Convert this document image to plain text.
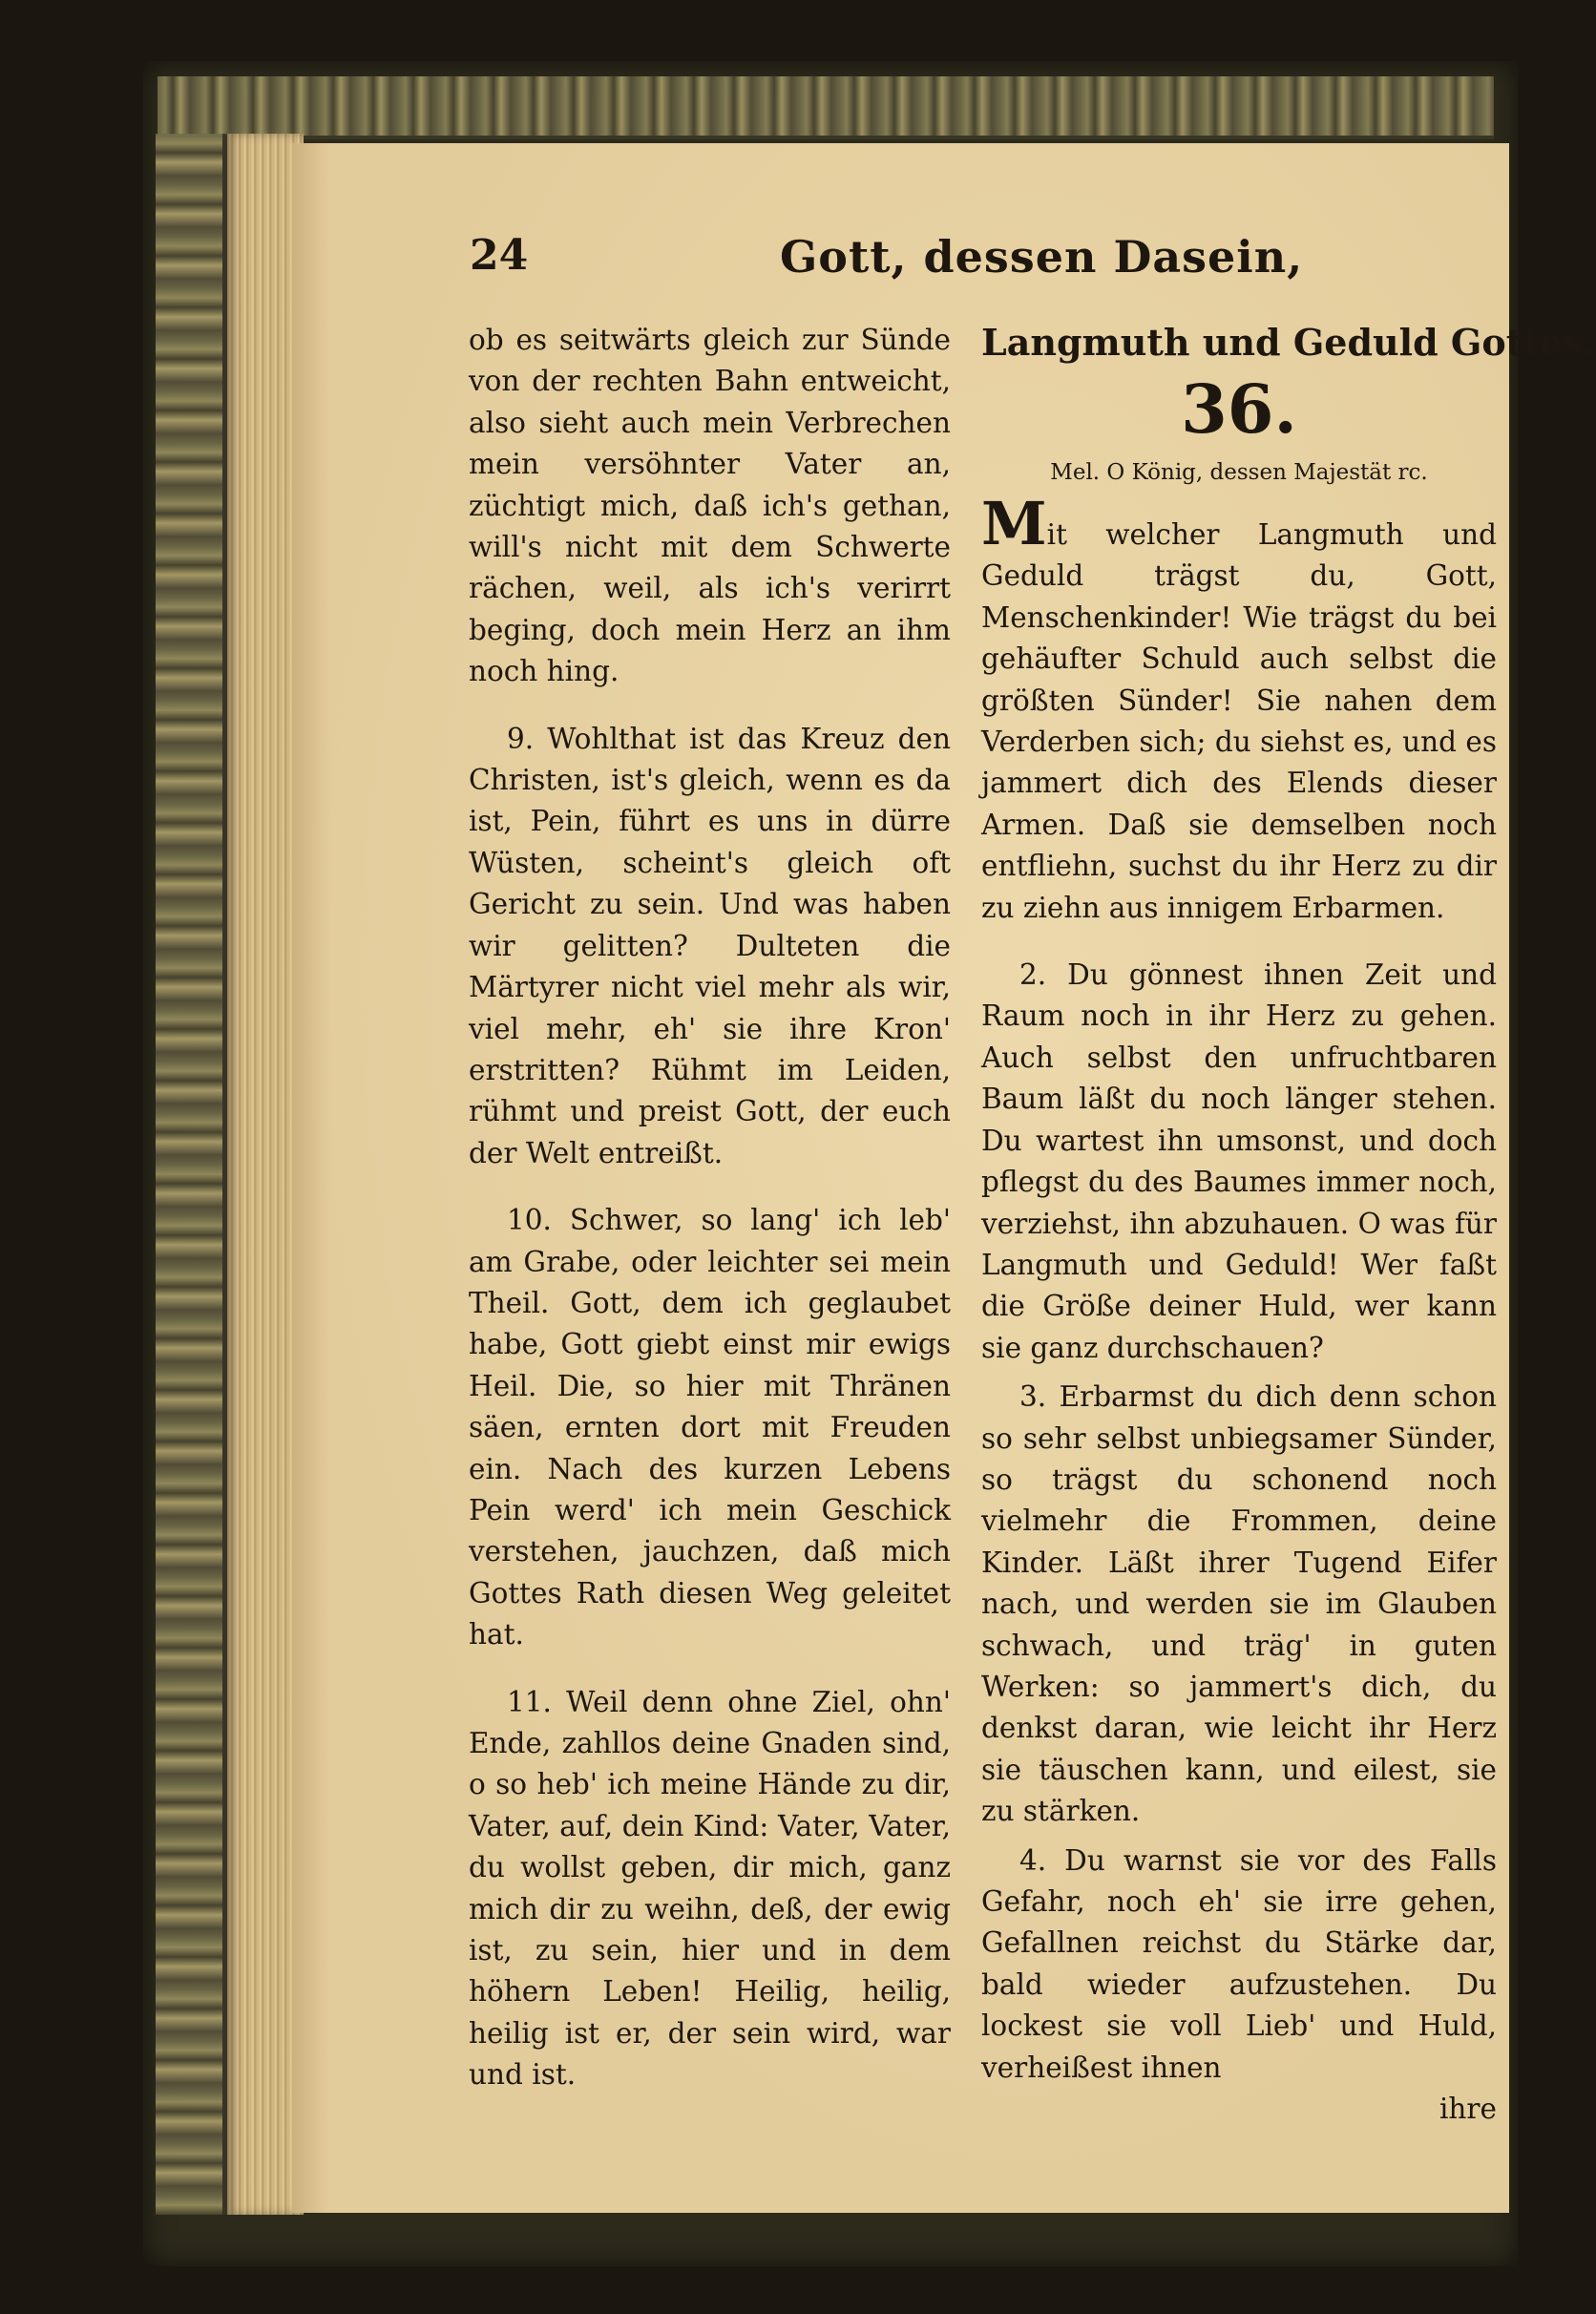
24	Gott, dessen Dasein,

ob es seitwärts gleich zur Sünde von der rechten Bahn entweicht, also sieht auch mein Verbrechen mein versöhnter Vater an, züchtigt mich, daß ich's gethan, will's nicht mit dem Schwerte rächen, weil, als ich's verirrt beging, doch mein Herz an ihm noch hing.

9. Wohlthat ist das Kreuz den Christen, ist's gleich, wenn es da ist, Pein, führt es uns in dürre Wüsten, scheint's gleich oft Gericht zu sein. Und was haben wir gelitten? Dulteten die Märtyrer nicht viel mehr als wir, viel mehr, eh' sie ihre Kron' erstritten? Rühmt im Leiden, rühmt und preist Gott, der euch der Welt entreißt.

10. Schwer, so lang' ich leb' am Grabe, oder leichter sei mein Theil. Gott, dem ich geglaubet habe, Gott giebt einst mir ewigs Heil. Die, so hier mit Thränen säen, ernten dort mit Freuden ein. Nach des kurzen Lebens Pein werd' ich mein Geschick verstehen, jauchzen, daß mich Gottes Rath diesen Weg geleitet hat.

11. Weil denn ohne Ziel, ohn' Ende, zahllos deine Gnaden sind, o so heb' ich meine Hände zu dir, Vater, auf, dein Kind: Vater, Vater, du wollst geben, dir mich, ganz mich dir zu weihn, deß, der ewig ist, zu sein, hier und in dem höhern Leben! Heilig, heilig, heilig ist er, der sein wird, war und ist.

Langmuth und Geduld Gottes.
36.
Mel. O König, dessen Majestät rc.

Mit welcher Langmuth und Geduld trägst du, Gott, Menschenkinder! Wie trägst du bei gehäufter Schuld auch selbst die größten Sünder! Sie nahen dem Verderben sich; du siehst es, und es jammert dich des Elends dieser Armen. Daß sie demselben noch entfliehn, suchst du ihr Herz zu dir zu ziehn aus innigem Erbarmen.

2. Du gönnest ihnen Zeit und Raum noch in ihr Herz zu gehen. Auch selbst den unfruchtbaren Baum läßt du noch länger stehen. Du wartest ihn umsonst, und doch pflegst du des Baumes immer noch, verziehst, ihn abzuhauen. O was für Langmuth und Geduld! Wer faßt die Größe deiner Huld, wer kann sie ganz durchschauen?

3. Erbarmst du dich denn schon so sehr selbst unbiegsamer Sünder, so trägst du schonend noch vielmehr die Frommen, deine Kinder. Läßt ihrer Tugend Eifer nach, und werden sie im Glauben schwach, und träg' in guten Werken: so jammert's dich, du denkst daran, wie leicht ihr Herz sie täuschen kann, und eilest, sie zu stärken.

4. Du warnst sie vor des Falls Gefahr, noch eh' sie irre gehen, Gefallnen reichst du Stärke dar, bald wieder aufzustehen. Du lockest sie voll Lieb' und Huld, verheißest ihnen

ihre
